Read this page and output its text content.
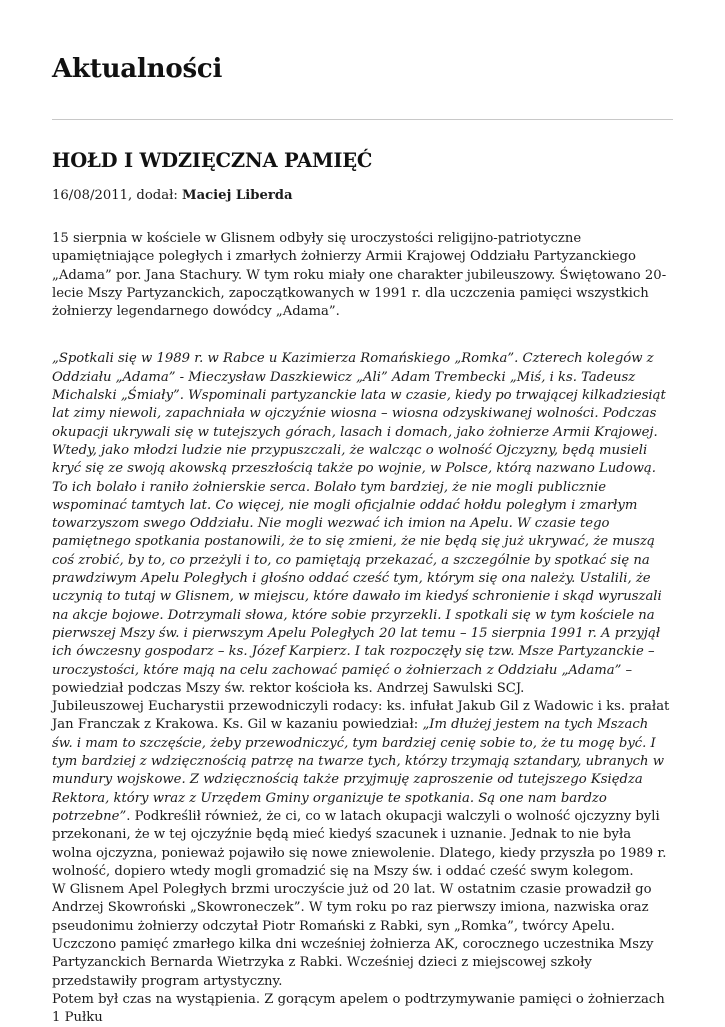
Aktualności
HOŁD I WDZIĘCZNA PAMIĘĆ
16/08/2011, dodał: Maciej Liberda

15 sierpnia w kościele w Glisnem odbyły się uroczystości religijno-patriotyczne upamiętniające poległych i zmarłych żołnierzy Armii Krajowej Oddziału Partyzanckiego „Adama” por. Jana Stachury. W tym roku miały one charakter jubileuszowy. Świętowano 20-lecie Mszy Partyzanckich, zapoczątkowanych w 1991 r. dla uczczenia pamięci wszystkich żołnierzy legendarnego dowódcy „Adama”.

„Spotkali się w 1989 r. w Rabce u Kazimierza Romańskiego „Romka”. Czterech kolegów z Oddziału „Adama” - Mieczysław Daszkiewicz „Ali” Adam Trembecki „Miś, i ks. Tadeusz Michalski „Śmiały”. Wspominali partyzanckie lata w czasie, kiedy po trwającej kilkadziesiąt lat zimy niewoli, zapachniała w ojczyźnie wiosna – wiosna odzyskiwanej wolności. Podczas okupacji ukrywali się w tutejszych górach, lasach i domach, jako żołnierze Armii Krajowej. Wtedy, jako młodzi ludzie nie przypuszczali, że walcząc o wolność Ojczyzny, będą musieli kryć się ze swoją akowską przeszłością także po wojnie, w Polsce, którą nazwano Ludową. To ich bolało i raniło żołnierskie serca. Bolało tym bardziej, że nie mogli publicznie wspominać tamtych lat. Co więcej, nie mogli oficjalnie oddać hołdu poległym i zmarłym towarzyszom swego Oddziału. Nie mogli wezwać ich imion na Apelu. W czasie tego pamiętnego spotkania postanowili, że to się zmieni, że nie będą się już ukrywać, że muszą coś zrobić, by to, co przeżyli i to, co pamiętają przekazać, a szczególnie by spotkać się na prawdziwym Apelu Poległych i głośno oddać cześć tym, którym się ona należy. Ustalili, że uczynią to tutaj w Glisnem, w miejscu, które dawało im kiedyś schronienie i skąd wyruszali na akcje bojowe. Dotrzymali słowa, które sobie przyrzekli. I spotkali się w tym kościele na pierwszej Mszy św. i pierwszym Apelu Poległych 20 lat temu – 15 sierpnia 1991 r. A przyjął ich ówczesny gospodarz – ks. Józef Karpierz. I tak rozpoczęły się tzw. Msze Partyzanckie – uroczystości, które mają na celu zachować pamięć o żołnierzach z Oddziału „Adama” – powiedział podczas Mszy św. rektor kościoła ks. Andrzej Sawulski SCJ.

Jubileuszowej Eucharystii przewodniczyli rodacy: ks. infułat Jakub Gil z Wadowic i ks. prałat Jan Franczak z Krakowa. Ks. Gil w kazaniu powiedział: „Im dłużej jestem na tych Mszach św. i mam to szczęście, żeby przewodniczyć, tym bardziej cenię sobie to, że tu mogę być. I tym bardziej z wdzięcznością patrzę na twarze tych, którzy trzymają sztandary, ubranych w mundury wojskowe. Z wdzięcznością także przyjmuję zaproszenie od tutejszego Księdza Rektora, który wraz z Urzędem Gminy organizuje te spotkania. Są one nam bardzo potrzebne”. Podkreślił również, że ci, co w latach okupacji walczyli o wolność ojczyzny byli przekonani, że w tej ojczyźnie będą mieć kiedyś szacunek i uznanie. Jednak to nie była wolna ojczyzna, ponieważ pojawiło się nowe zniewolenie. Dlatego, kiedy przyszła po 1989 r. wolność, dopiero wtedy mogli gromadzić się na Mszy św. i oddać cześć swym kolegom.

W Glisnem Apel Poległych brzmi uroczyście już od 20 lat. W ostatnim czasie prowadził go Andrzej Skowroński „Skowroneczek”. W tym roku po raz pierwszy imiona, nazwiska oraz pseudonimu żołnierzy odczytał Piotr Romański z Rabki, syn „Romka”, twórcy Apelu. Uczczono pamięć zmarłego kilka dni wcześniej żołnierza AK, corocznego uczestnika Mszy Partyzanckich Bernarda Wietrzyka z Rabki. Wcześniej dzieci z miejscowej szkoły przedstawiły program artystyczny.

Potem był czas na wystąpienia. Z gorącym apelem o podtrzymywanie pamięci o żołnierzach 1 Pułku
